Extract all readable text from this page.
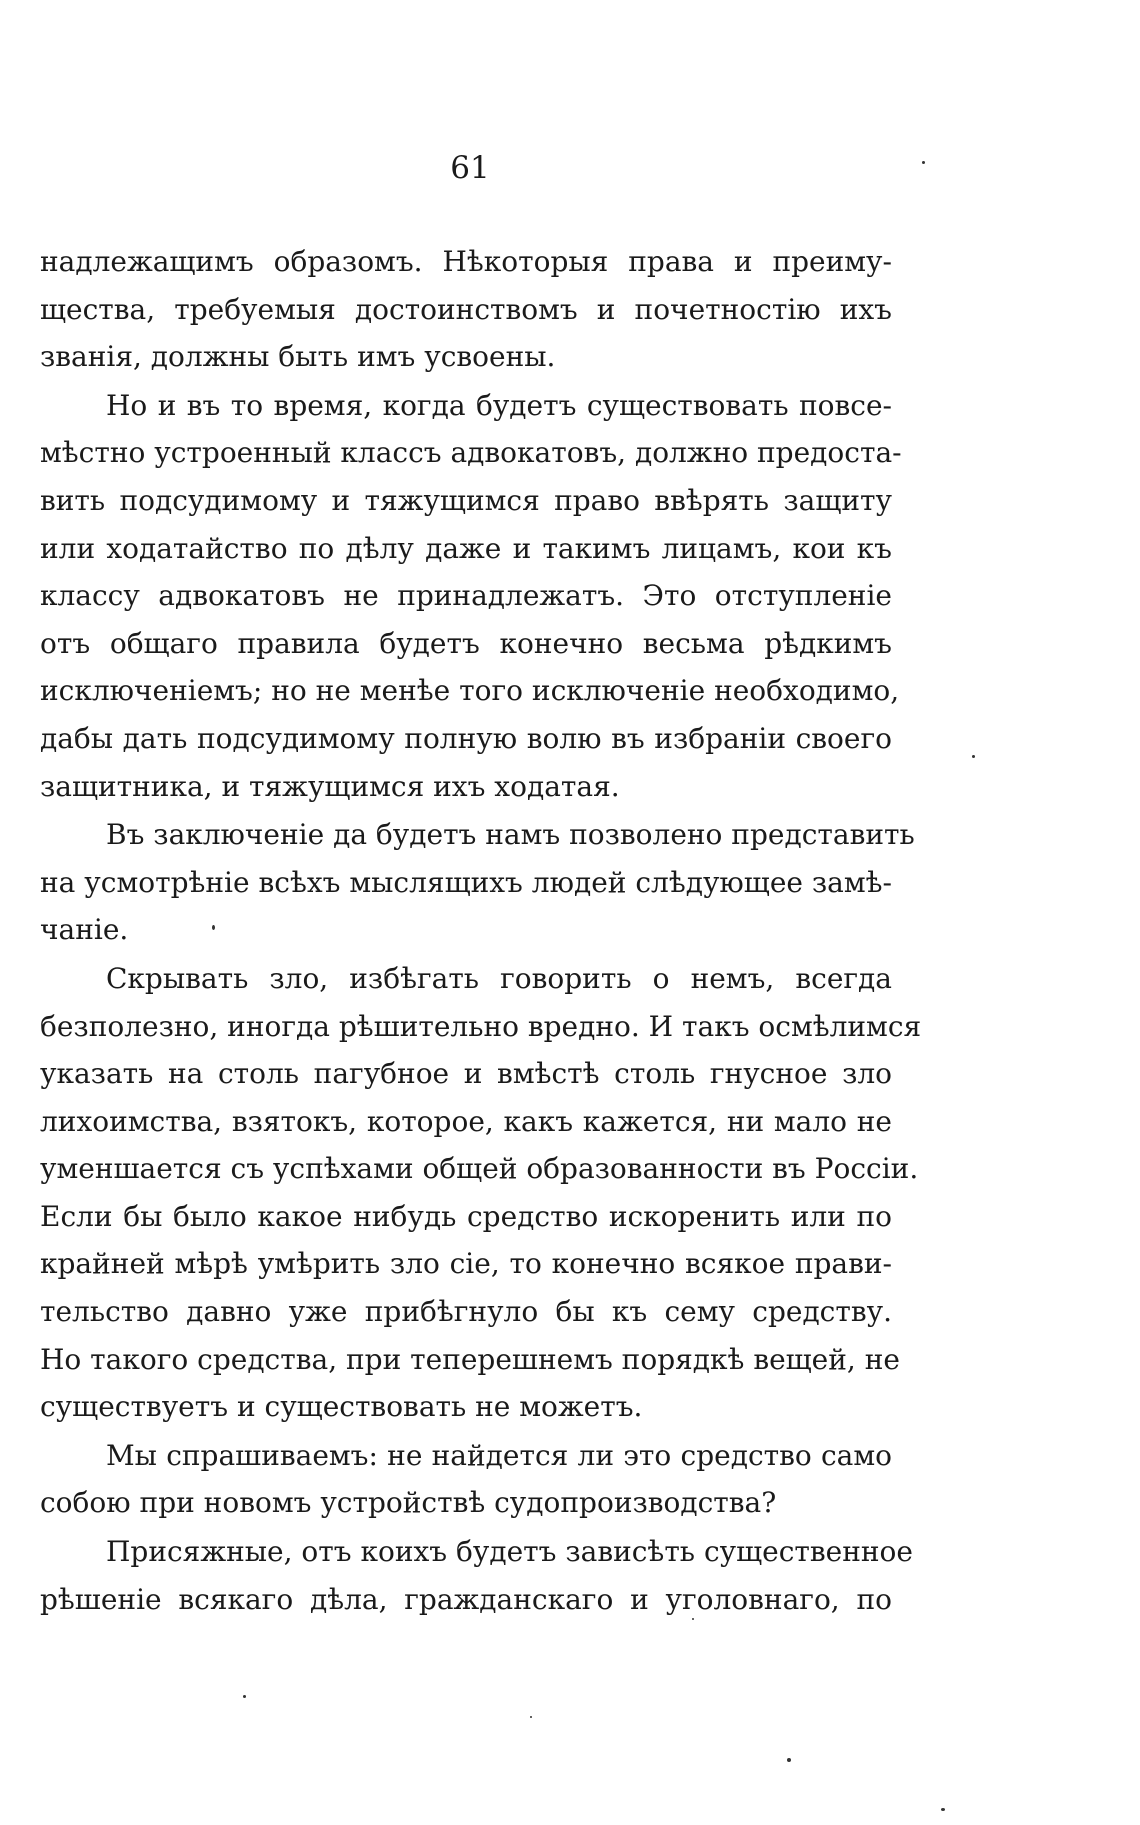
61
надлежащимъ образомъ. Нѣкоторыя права и преиму-
щества, требуемыя достоинствомъ и почетностію ихъ
званія, должны быть имъ усвоены.
Но и въ то время, когда будетъ существовать повсе-
мѣстно устроенный классъ адвокатовъ, должно предоста-
вить подсудимому и тяжущимся право ввѣрять защиту
или ходатайство по дѣлу даже и такимъ лицамъ, кои къ
классу адвокатовъ не принадлежатъ. Это отступленіе
отъ общаго правила будетъ конечно весьма рѣдкимъ
исключеніемъ; но не менѣе того исключеніе необходимо,
дабы дать подсудимому полную волю въ избраніи своего
защитника, и тяжущимся ихъ ходатая.
Въ заключеніе да будетъ намъ позволено представить
на усмотрѣніе всѣхъ мыслящихъ людей слѣдующее замѣ-
чаніе.
Скрывать зло, избѣгать говорить о немъ, всегда
безполезно, иногда рѣшительно вредно. И такъ осмѣлимся
указать на столь пагубное и вмѣстѣ столь гнусное зло
лихоимства, взятокъ, которое, какъ кажется, ни мало не
уменшается съ успѣхами общей образованности въ Россіи.
Если бы было какое нибудь средство искоренить или по
крайней мѣрѣ умѣрить зло сіе, то конечно всякое прави-
тельство давно уже прибѣгнуло бы къ сему средству.
Но такого средства, при теперешнемъ порядкѣ вещей, не
существуетъ и существовать не можетъ.
Мы спрашиваемъ: не найдется ли это средство само
собою при новомъ устройствѣ судопроизводства?
Присяжные, отъ коихъ будетъ зависѣть существенное
рѣшеніе всякаго дѣла, гражданскаго и уголовнаго, по
